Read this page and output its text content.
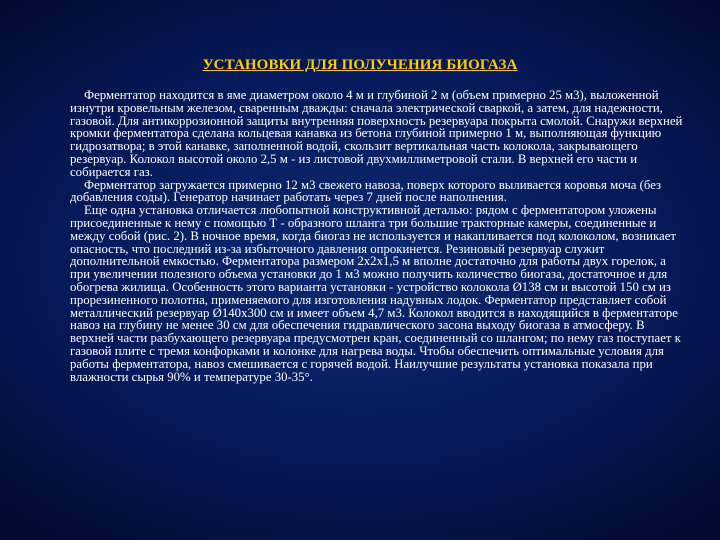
УСТАНОВКИ ДЛЯ ПОЛУЧЕНИЯ БИОГАЗА

Ферментатор находится в яме диаметром около 4 м и глубиной 2 м (объем примерно 25 м3), выложенной изнутри кровельным железом, сваренным дважды: сначала электрической сваркой, а затем, для надежности, газовой. Для антикоррозионной защиты внутренняя поверхность резервуара покрыта смолой. Снаружи верхней кромки ферментатора сделана кольцевая канавка из бетона глубиной примерно 1 м, выполняющая функцию гидрозатвора; в этой канавке, заполненной водой, скользит вертикальная часть колокола, закрывающего резервуар. Колокол высотой около 2,5 м - из листовой двухмиллиметровой стали. В верхней его части и собирается газ.

Ферментатор загружается примерно 12 м3 свежего навоза, поверх которого выливается коровья моча (без добавления соды). Генератор начинает работать через 7 дней после наполнения.

Еще одна установка отличается любопытной конструктивной деталью: рядом с ферментатором уложены присоединенные к нему с помощью Т - образного шланга три большие тракторные камеры, соединенные и между собой (рис. 2). В ночное время, когда биогаз не используется и накапливается под колоколом, возникает опасность, что последний из-за избыточного давления опрокинется. Резиновый резервуар служит дополнительной емкостью. Ферментатора размером 2х2х1,5 м вполне достаточно для работы двух горелок, а при увеличении полезного объема установки до 1 м3 можно получить количество биогаза, достаточное и для обогрева жилища. Особенность этого варианта установки - устройство колокола Ø138 см и высотой 150 см из прорезиненного полотна, применяемого для изготовления надувных лодок. Ферментатор представляет собой металлический резервуар Ø140х300 см и имеет объем 4,7 м3. Колокол вводится в находящийся в ферментаторе навоз на глубину не менее 30 см для обеспечения гидравлического засона выходу биогаза в атмосферу. В верхней части разбухающего резервуара предусмотрен кран, соединенный со шлангом; по нему газ поступает к газовой плите с тремя конфорками и колонке для нагрева воды. Чтобы обеспечить оптимальные условия для работы ферментатора, навоз смешивается с горячей водой. Наилучшие результаты установка показала при влажности сырья 90% и температуре 30-35°.
